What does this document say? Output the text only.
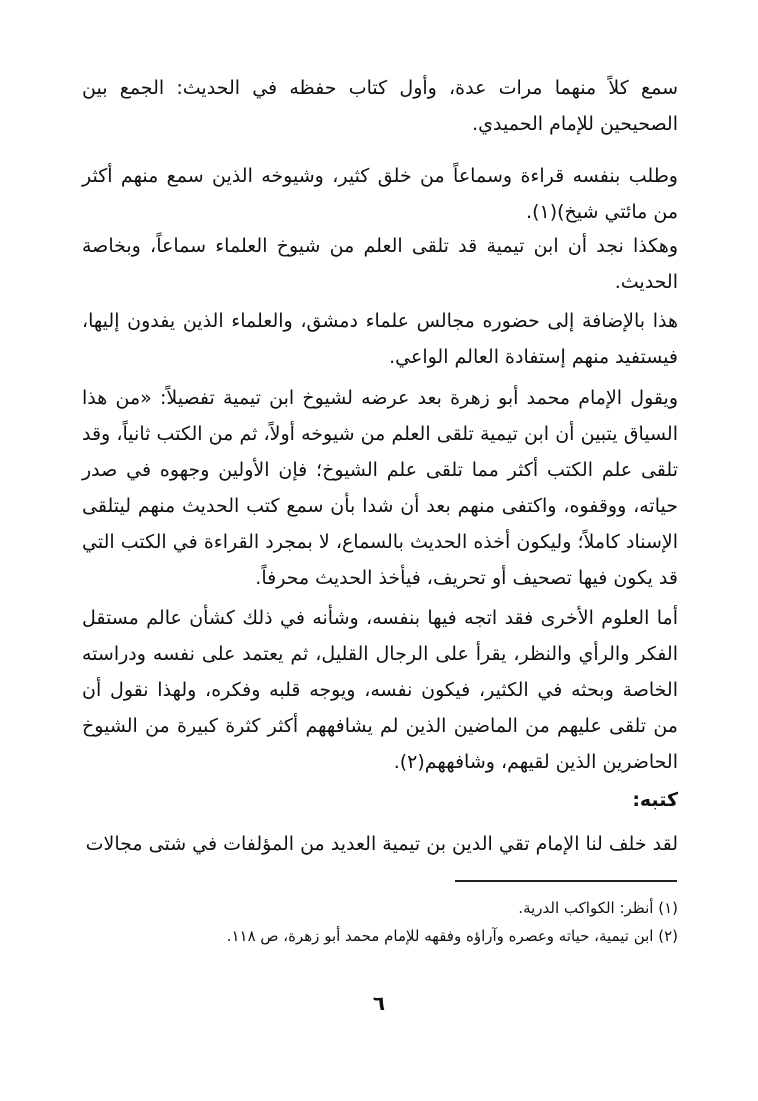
سمع كلاً منهما مرات عدة، وأول كتاب حفظه في الحديث: الجمع بين الصحيحين للإمام الحميدي.

وطلب بنفسه قراءة وسماعاً من خلق كثير، وشيوخه الذين سمع منهم أكثر من مائتي شيخ)(١).

وهكذا نجد أن ابن تيمية قد تلقى العلم من شيوخ العلماء سماعاً، وبخاصة الحديث.

هذا بالإضافة إلى حضوره مجالس علماء دمشق، والعلماء الذين يفدون إليها، فيستفيد منهم إستفادة العالم الواعي.

ويقول الإمام محمد أبو زهرة بعد عرضه لشيوخ ابن تيمية تفصيلاً: «من هذا السياق يتبين أن ابن تيمية تلقى العلم من شيوخه أولاً، ثم من الكتب ثانياً، وقد تلقى علم الكتب أكثر مما تلقى علم الشيوخ؛ فإن الأولين وجهوه في صدر حياته، ووقفوه، واكتفى منهم بعد أن شدا بأن سمع كتب الحديث منهم ليتلقى الإسناد كاملاً؛ وليكون أخذه الحديث بالسماع، لا بمجرد القراءة في الكتب التي قد يكون فيها تصحيف أو تحريف، فيأخذ الحديث محرفاً.

أما العلوم الأخرى فقد اتجه فيها بنفسه، وشأنه في ذلك كشأن عالم مستقل الفكر والرأي والنظر، يقرأ على الرجال القليل، ثم يعتمد على نفسه ودراسته الخاصة وبحثه في الكثير، فيكون نفسه، ويوجه قلبه وفكره، ولهذا نقول أن من تلقى عليهم من الماضين الذين لم يشافههم أكثر كثرة كبيرة من الشيوخ الحاضرين الذين لقيهم، وشافههم(٢).

كتبه:

لقد خلف لنا الإمام تقي الدين بن تيمية العديد من المؤلفات في شتى مجالات

(١) أنظر: الكواكب الدرية.
(٢) ابن تيمية، حياته وعصره وآراؤه وفقهه للإمام محمد أبو زهرة، ص ١١٨.
٦
